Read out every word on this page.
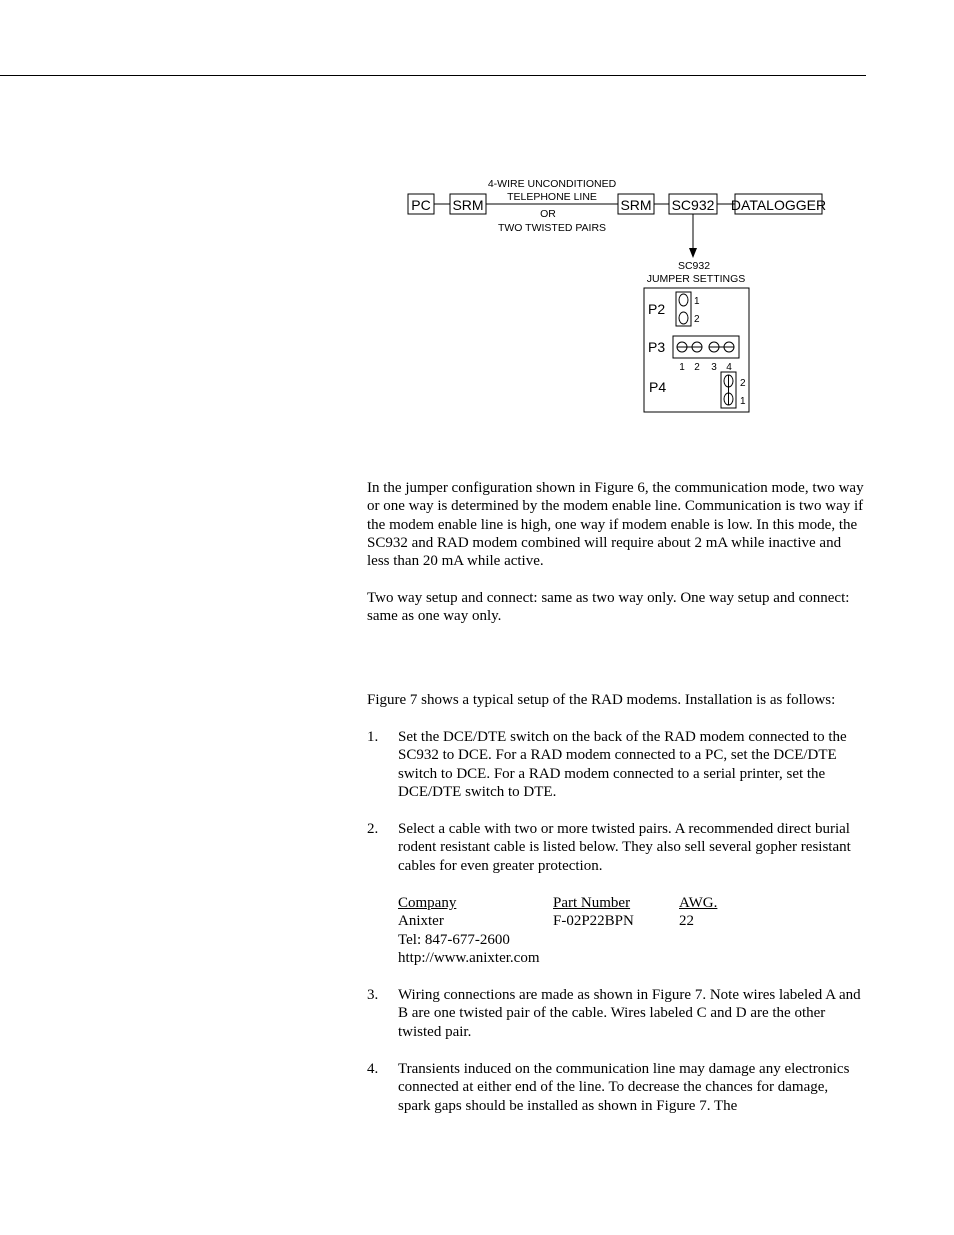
PC SRM	SRM SC932 DATALOGGER
4-WIRE UNCONDITIONED
TELEPHONE LINE
OR
TWO TWISTED PAIRS
SC932
JUMPER SETTINGS
P2	1
2
P3
1 2 3 4
P4	2
1

In the jumper configuration shown in Figure 6, the communication mode, two way or one way is determined by the modem enable line. Communication is two way if the modem enable line is high, one way if modem enable is low. In this mode, the SC932 and RAD modem combined will require about 2 mA while inactive and less than 20 mA while active.

Two way setup and connect: same as two way only. One way setup and connect: same as one way only.

Figure 7 shows a typical setup of the RAD modems. Installation is as follows:

1. Set the DCE/DTE switch on the back of the RAD modem connected to the SC932 to DCE. For a RAD modem connected to a PC, set the DCE/DTE switch to DCE. For a RAD modem connected to a serial printer, set the DCE/DTE switch to DTE.
2. Select a cable with two or more twisted pairs. A recommended direct burial rodent resistant cable is listed below. They also sell several gopher resistant cables for even greater protection.
Company	Part Number	AWG.
Anixter	F-02P22BPN	22
Tel: 847-677-2600
http://www.anixter.com
3. Wiring connections are made as shown in Figure 7. Note wires labeled A and B are one twisted pair of the cable. Wires labeled C and D are the other twisted pair.
4. Transients induced on the communication line may damage any electronics connected at either end of the line. To decrease the chances for damage, spark gaps should be installed as shown in Figure 7. The
